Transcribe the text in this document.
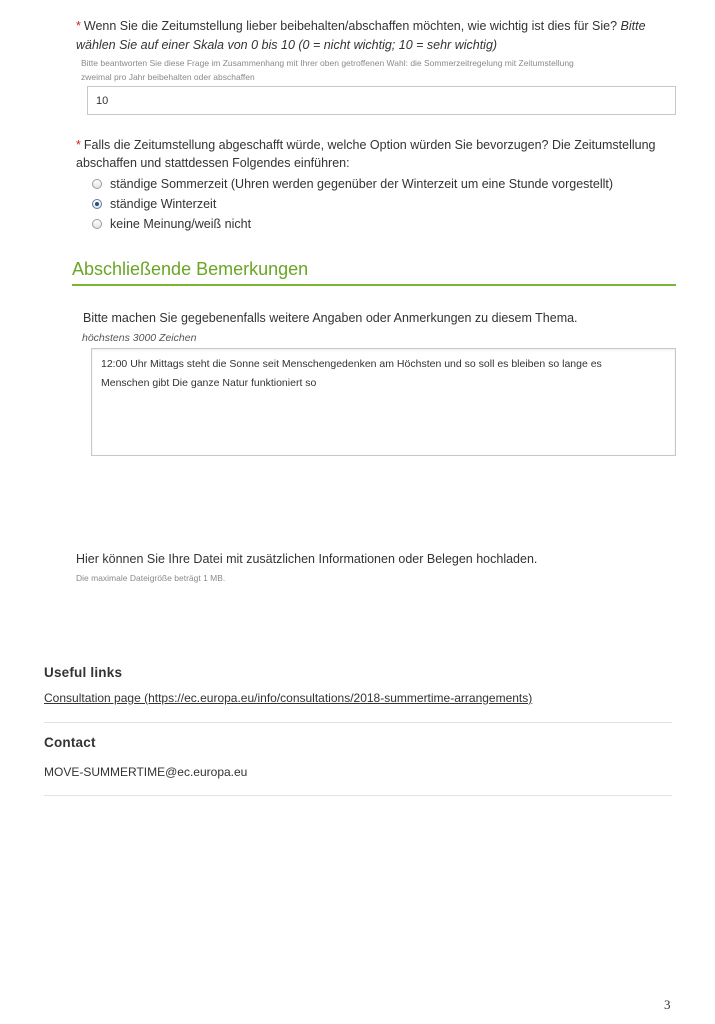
* Wenn Sie die Zeitumstellung lieber beibehalten/abschaffen möchten, wie wichtig ist dies für Sie? Bitte
wählen Sie auf einer Skala von 0 bis 10 (0 = nicht wichtig; 10 = sehr wichtig)
Bitte beantworten Sie diese Frage im Zusammenhang mit Ihrer oben getroffenen Wahl: die Sommerzeitregelung mit Zeitumstellung
zweimal pro Jahr beibehalten oder abschaffen
10
* Falls die Zeitumstellung abgeschafft würde, welche Option würden Sie bevorzugen? Die Zeitumstellung
abschaffen und stattdessen Folgendes einführen:
ständige Sommerzeit (Uhren werden gegenüber der Winterzeit um eine Stunde vorgestellt)
ständige Winterzeit
keine Meinung/weiß nicht
Abschließende Bemerkungen
Bitte machen Sie gegebenenfalls weitere Angaben oder Anmerkungen zu diesem Thema.
höchstens 3000 Zeichen
12:00 Uhr Mittags steht die Sonne seit Menschengedenken am Höchsten und so soll es bleiben so lange es
Menschen gibt Die ganze Natur funktioniert so
Hier können Sie Ihre Datei mit zusätzlichen Informationen oder Belegen hochladen.
Die maximale Dateigröße beträgt 1 MB.
Useful links
Consultation page (https://ec.europa.eu/info/consultations/2018-summertime-arrangements)
Contact
MOVE-SUMMERTIME@ec.europa.eu
3
